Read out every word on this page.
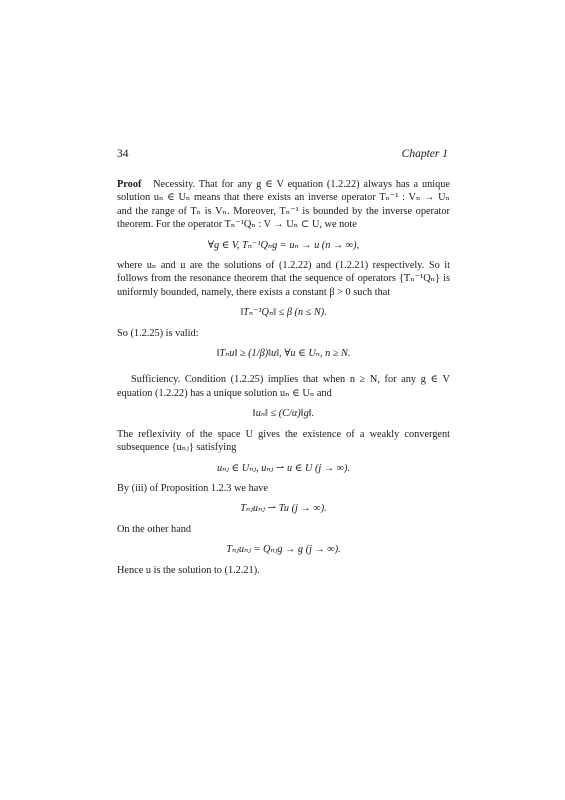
34	Chapter 1

Proof Necessity. That for any g ∈ V equation (1.2.22) always has a unique solution uₙ ∈ Uₙ means that there exists an inverse operator Tₙ⁻¹ : Vₙ → Uₙ and the range of Tₙ is Vₙ. Moreover, Tₙ⁻¹ is bounded by the inverse operator theorem. For the operator Tₙ⁻¹Qₙ : V → Uₙ ⊂ U, we note

∀g ∈ V, Tₙ⁻¹Qₙg = uₙ → u (n → ∞),

where uₙ and u are the solutions of (1.2.22) and (1.2.21) respectively. So it follows from the resonance theorem that the sequence of operators {Tₙ⁻¹Qₙ} is uniformly bounded, namely, there exists a constant β > 0 such that

‖Tₙ⁻¹Qₙ‖ ≤ β (n ≤ N).

So (1.2.25) is valid:

‖Tₙu‖ ≥ (1/β)‖u‖, ∀u ∈ Uₙ, n ≥ N.

Sufficiency. Condition (1.2.25) implies that when n ≥ N, for any g ∈ V equation (1.2.22) has a unique solution uₙ ∈ Uₙ and

‖uₙ‖ ≤ (C/α)‖g‖.

The reflexivity of the space U gives the existence of a weakly convergent subsequence {uₙⱼ} satisfying

uₙⱼ ∈ Uₙⱼ, uₙⱼ ⇀ u ∈ U (j → ∞).

By (iii) of Proposition 1.2.3 we have

Tₙⱼuₙⱼ ⇀ Tu (j → ∞).

On the other hand

Tₙⱼuₙⱼ = Qₙⱼg → g (j → ∞).

Hence u is the solution to (1.2.21).
